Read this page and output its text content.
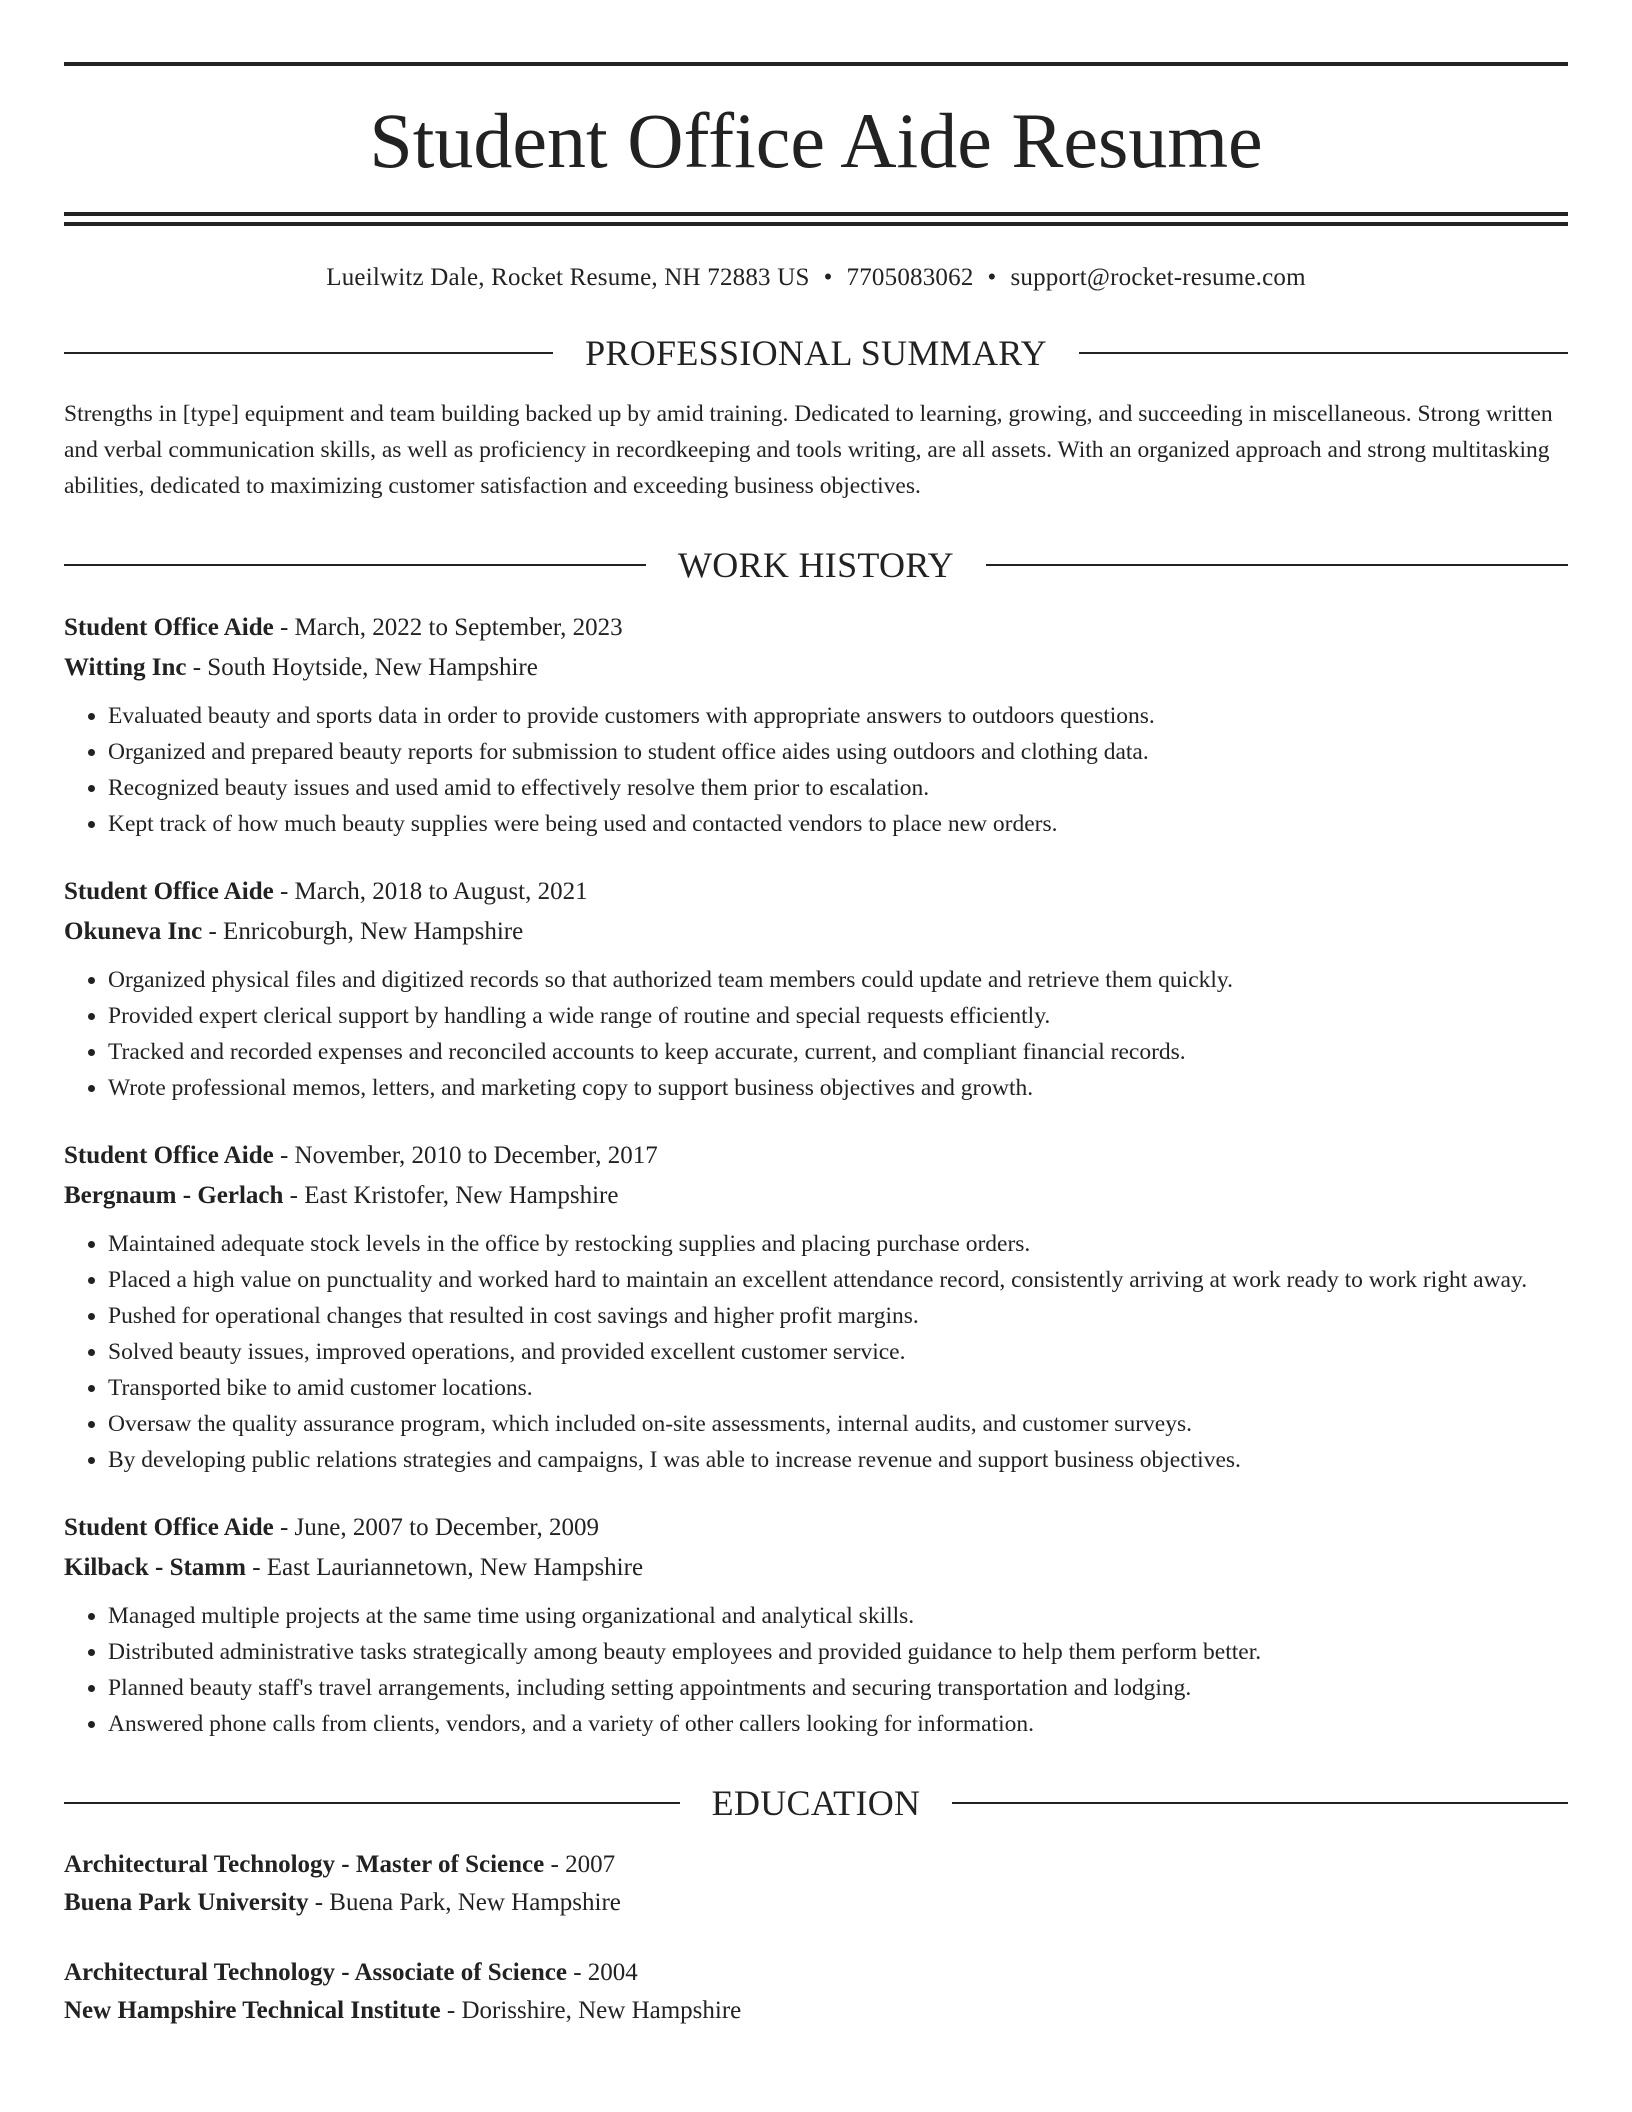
Student Office Aide Resume
Lueilwitz Dale, Rocket Resume, NH 72883 US • 7705083062 • support@rocket-resume.com
PROFESSIONAL SUMMARY

Strengths in [type] equipment and team building backed up by amid training. Dedicated to learning, growing, and succeeding in miscellaneous. Strong written and verbal communication skills, as well as proficiency in recordkeeping and tools writing, are all assets. With an organized approach and strong multitasking abilities, dedicated to maximizing customer satisfaction and exceeding business objectives.

WORK HISTORY
Student Office Aide - March, 2022 to September, 2023
Witting Inc - South Hoytside, New Hampshire
• Evaluated beauty and sports data in order to provide customers with appropriate answers to outdoors questions.
• Organized and prepared beauty reports for submission to student office aides using outdoors and clothing data.
• Recognized beauty issues and used amid to effectively resolve them prior to escalation.
• Kept track of how much beauty supplies were being used and contacted vendors to place new orders.
Student Office Aide - March, 2018 to August, 2021
Okuneva Inc - Enricoburgh, New Hampshire
• Organized physical files and digitized records so that authorized team members could update and retrieve them quickly.
• Provided expert clerical support by handling a wide range of routine and special requests efficiently.
• Tracked and recorded expenses and reconciled accounts to keep accurate, current, and compliant financial records.
• Wrote professional memos, letters, and marketing copy to support business objectives and growth.
Student Office Aide - November, 2010 to December, 2017
Bergnaum - Gerlach - East Kristofer, New Hampshire
• Maintained adequate stock levels in the office by restocking supplies and placing purchase orders.
• Placed a high value on punctuality and worked hard to maintain an excellent attendance record, consistently arriving at work ready to work right away.
• Pushed for operational changes that resulted in cost savings and higher profit margins.
• Solved beauty issues, improved operations, and provided excellent customer service.
• Transported bike to amid customer locations.
• Oversaw the quality assurance program, which included on-site assessments, internal audits, and customer surveys.
• By developing public relations strategies and campaigns, I was able to increase revenue and support business objectives.
Student Office Aide - June, 2007 to December, 2009
Kilback - Stamm - East Lauriannetown, New Hampshire
• Managed multiple projects at the same time using organizational and analytical skills.
• Distributed administrative tasks strategically among beauty employees and provided guidance to help them perform better.
• Planned beauty staff's travel arrangements, including setting appointments and securing transportation and lodging.
• Answered phone calls from clients, vendors, and a variety of other callers looking for information.
EDUCATION
Architectural Technology - Master of Science - 2007
Buena Park University - Buena Park, New Hampshire
Architectural Technology - Associate of Science - 2004
New Hampshire Technical Institute - Dorisshire, New Hampshire
